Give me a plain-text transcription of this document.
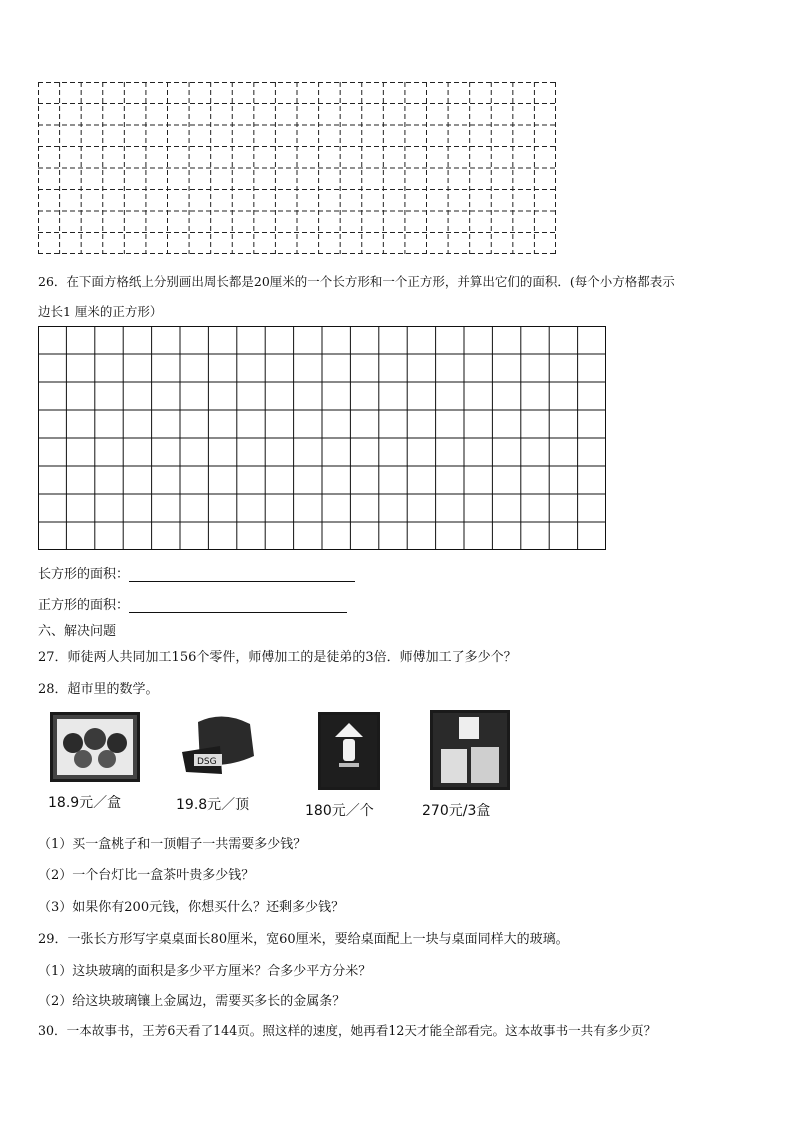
26．在下面方格纸上分别画出周长都是20厘米的一个长方形和一个正方形，并算出它们的面积．(每个小方格都表示
边长1 厘米的正方形）
长方形的面积：
正方形的面积：
六、解决问题
27．师徒两人共同加工156个零件，师傅加工的是徒弟的3倍．师傅加工了多少个？
28．超市里的数学。
DSG
18.9元／盒	19.8元／顶	180元／个	270元/3盒
（1）买一盒桃子和一顶帽子一共需要多少钱？
（2）一个台灯比一盒茶叶贵多少钱？
（3）如果你有200元钱，你想买什么？还剩多少钱？
29．一张长方形写字桌桌面长80厘米，宽60厘米，要给桌面配上一块与桌面同样大的玻璃。
（1）这块玻璃的面积是多少平方厘米？合多少平方分米？
（2）给这块玻璃镶上金属边，需要买多长的金属条？
30．一本故事书，王芳6天看了144页。照这样的速度，她再看12天才能全部看完。这本故事书一共有多少页？
